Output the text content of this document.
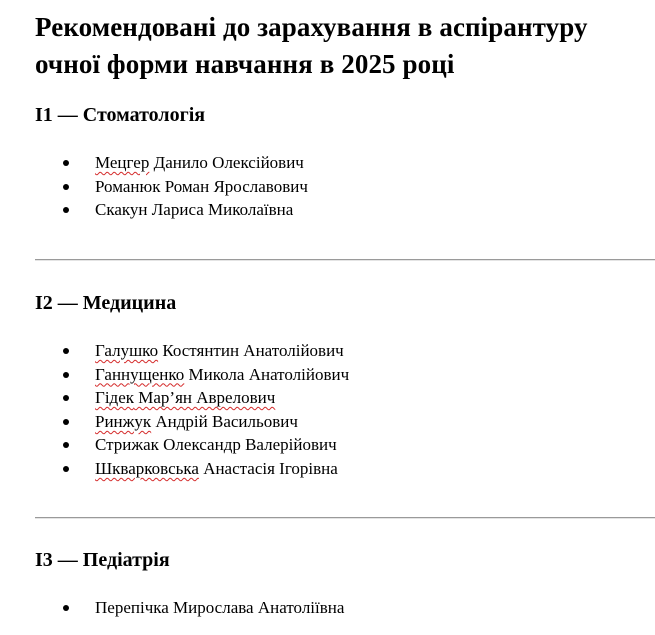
Рекомендовані до зарахування в аспірантуру очної форми навчання в 2025 році
I1 — Стоматологія
Мецгер Данило Олексійович
Романюк Роман Ярославович
Скакун Лариса Миколаївна
I2 — Медицина
Галушко Костянтин Анатолійович
Ганнущенко Микола Анатолійович
Гідек Мар’ян Аврелович
Ринжук Андрій Васильович
Стрижак Олександр Валерійович
Шкварковська Анастасія Ігорівна
I3 — Педіатрія
Перепічка Мирослава Анатоліївна
